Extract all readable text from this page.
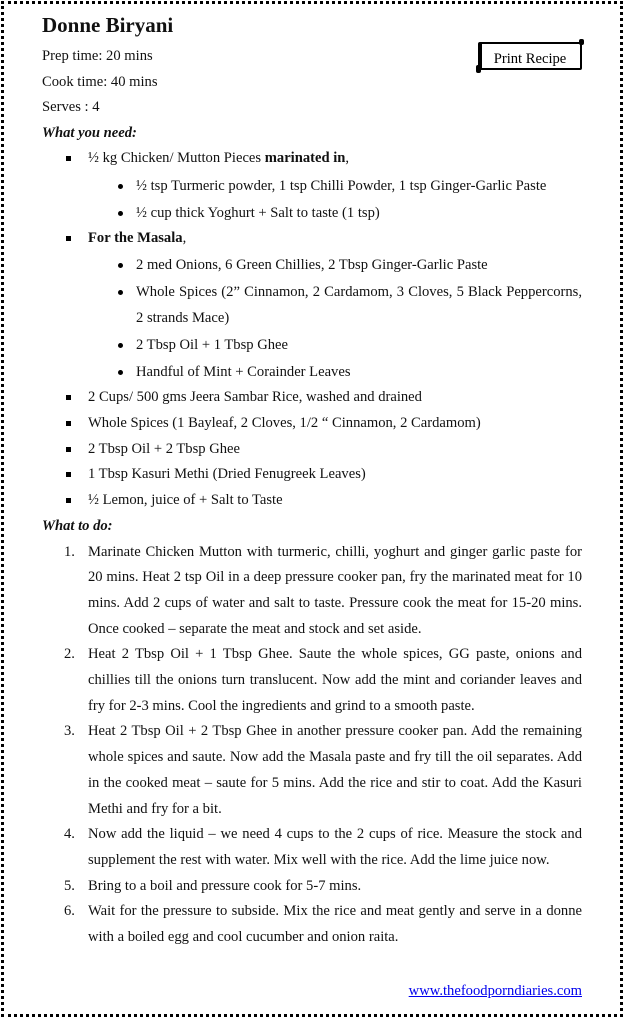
Print Recipe
Donne Biryani
Prep time: 20 mins
Cook time: 40 mins
Serves : 4
What you need:
½ kg Chicken/ Mutton Pieces marinated in,
½ tsp Turmeric powder, 1 tsp Chilli Powder, 1 tsp Ginger-Garlic Paste
½ cup thick Yoghurt + Salt to taste (1 tsp)
For the Masala,
2 med Onions, 6 Green Chillies, 2 Tbsp Ginger-Garlic Paste
Whole Spices (2” Cinnamon, 2 Cardamom, 3 Cloves, 5 Black Peppercorns, 2 strands Mace)
2 Tbsp Oil + 1 Tbsp Ghee
Handful of Mint + Corainder Leaves
2 Cups/ 500 gms Jeera Sambar Rice, washed and drained
Whole Spices (1 Bayleaf, 2 Cloves, 1/2 “ Cinnamon, 2 Cardamom)
2 Tbsp Oil + 2 Tbsp Ghee
1 Tbsp Kasuri Methi (Dried Fenugreek Leaves)
½ Lemon, juice of + Salt to Taste
What to do:
1. Marinate Chicken Mutton with turmeric, chilli, yoghurt and ginger garlic paste for 20 mins. Heat 2 tsp Oil in a deep pressure cooker pan, fry the marinated meat for 10 mins. Add 2 cups of water and salt to taste. Pressure cook the meat for 15-20 mins. Once cooked – separate the meat and stock and set aside.
2. Heat 2 Tbsp Oil + 1 Tbsp Ghee. Saute the whole spices, GG paste, onions and chillies till the onions turn translucent. Now add the mint and coriander leaves and fry for 2-3 mins. Cool the ingredients and grind to a smooth paste.
3. Heat 2 Tbsp Oil + 2 Tbsp Ghee in another pressure cooker pan. Add the remaining whole spices and saute. Now add the Masala paste and fry till the oil separates. Add in the cooked meat – saute for 5 mins. Add the rice and stir to coat. Add the Kasuri Methi and fry for a bit.
4. Now add the liquid – we need 4 cups to the 2 cups of rice. Measure the stock and supplement the rest with water. Mix well with the rice. Add the lime juice now.
5. Bring to a boil and pressure cook for 5-7 mins.
6. Wait for the pressure to subside. Mix the rice and meat gently and serve in a donne with a boiled egg and cool cucumber and onion raita.
www.thefoodporndiaries.com
